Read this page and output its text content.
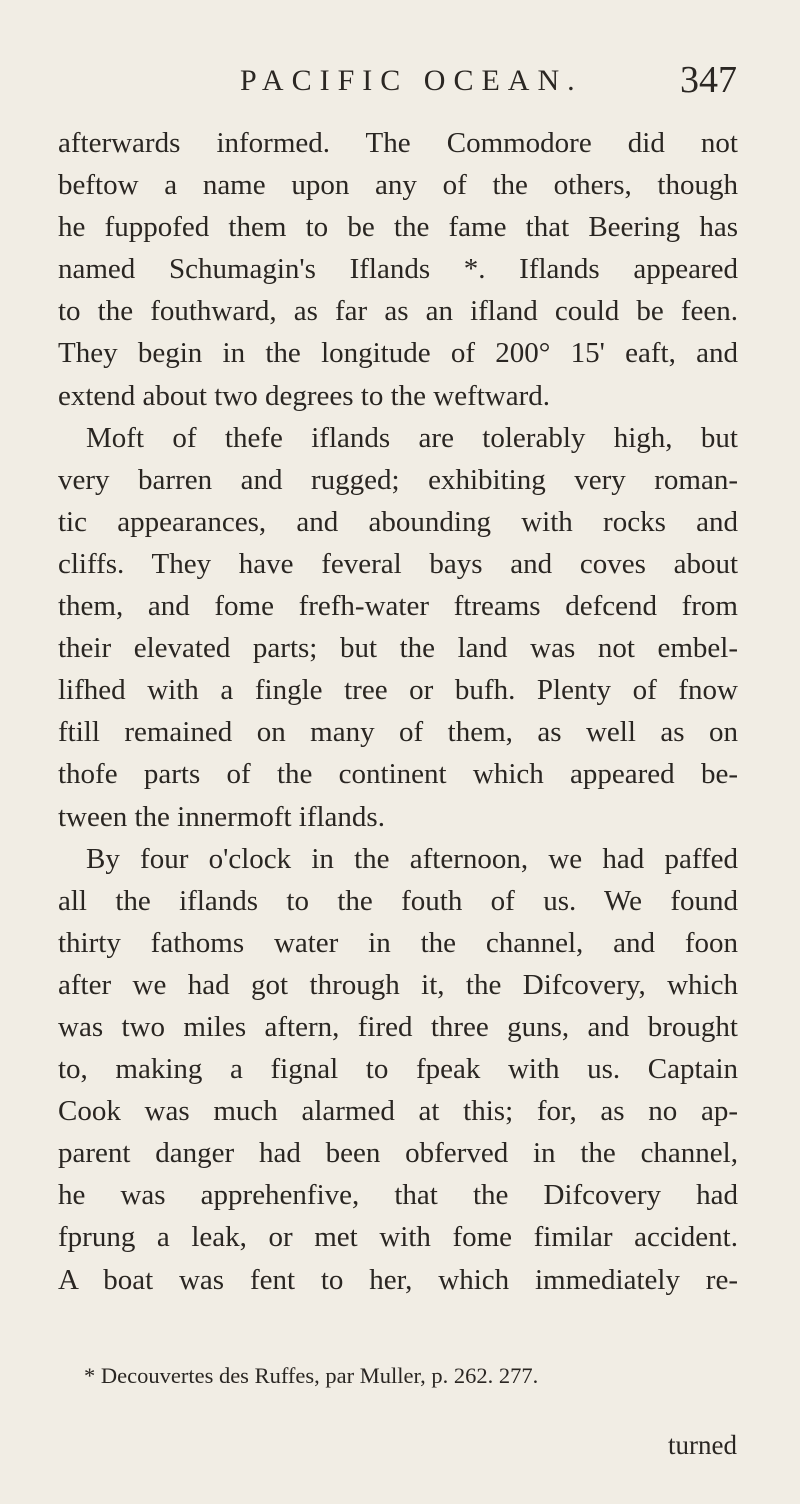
PACIFIC OCEAN.	347
afterwards informed. The Commodore did not
beftow a name upon any of the others, though
he fuppofed them to be the fame that Beering has
named Schumagin's Iflands *. Iflands appeared
to the fouthward, as far as an ifland could be feen.
They begin in the longitude of 200° 15' eaft, and
extend about two degrees to the weftward.
Moft of thefe iflands are tolerably high, but
very barren and rugged; exhibiting very roman-
tic appearances, and abounding with rocks and
cliffs. They have feveral bays and coves about
them, and fome frefh-water ftreams defcend from
their elevated parts; but the land was not embel-
lifhed with a fingle tree or bufh. Plenty of fnow
ftill remained on many of them, as well as on
thofe parts of the continent which appeared be-
tween the innermoft iflands.
By four o'clock in the afternoon, we had paffed
all the iflands to the fouth of us. We found
thirty fathoms water in the channel, and foon
after we had got through it, the Difcovery, which
was two miles aftern, fired three guns, and brought
to, making a fignal to fpeak with us. Captain
Cook was much alarmed at this; for, as no ap-
parent danger had been obferved in the channel,
he was apprehenfive, that the Difcovery had
fprung a leak, or met with fome fimilar accident.
A boat was fent to her, which immediately re-
* Decouvertes des Ruffes, par Muller, p. 262. 277.
turned
